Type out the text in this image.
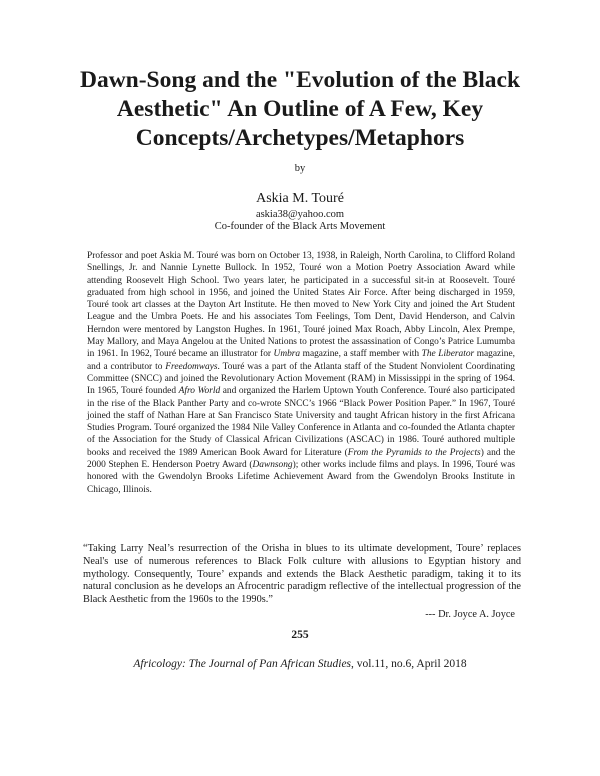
Dawn-Song and the "Evolution of the Black Aesthetic" An Outline of A Few, Key Concepts/Archetypes/Metaphors
by
Askia M. Touré
askia38@yahoo.com
Co-founder of the Black Arts Movement
Professor and poet Askia M. Touré was born on October 13, 1938, in Raleigh, North Carolina, to Clifford Roland Snellings, Jr. and Nannie Lynette Bullock. In 1952, Touré won a Motion Poetry Association Award while attending Roosevelt High School. Two years later, he participated in a successful sit-in at Roosevelt. Touré graduated from high school in 1956, and joined the United States Air Force. After being discharged in 1959, Touré took art classes at the Dayton Art Institute. He then moved to New York City and joined the Art Student League and the Umbra Poets. He and his associates Tom Feelings, Tom Dent, David Henderson, and Calvin Herndon were mentored by Langston Hughes. In 1961, Touré joined Max Roach, Abby Lincoln, Alex Prempe, May Mallory, and Maya Angelou at the United Nations to protest the assassination of Congo’s Patrice Lumumba in 1961. In 1962, Touré became an illustrator for Umbra magazine, a staff member with The Liberator magazine, and a contributor to Freedomways. Touré was a part of the Atlanta staff of the Student Nonviolent Coordinating Committee (SNCC) and joined the Revolutionary Action Movement (RAM) in Mississippi in the spring of 1964. In 1965, Touré founded Afro World and organized the Harlem Uptown Youth Conference. Touré also participated in the rise of the Black Panther Party and co-wrote SNCC’s 1966 “Black Power Position Paper.” In 1967, Touré joined the staff of Nathan Hare at San Francisco State University and taught African history in the first Africana Studies Program. Touré organized the 1984 Nile Valley Conference in Atlanta and co-founded the Atlanta chapter of the Association for the Study of Classical African Civilizations (ASCAC) in 1986. Touré authored multiple books and received the 1989 American Book Award for Literature (From the Pyramids to the Projects) and the 2000 Stephen E. Henderson Poetry Award (Dawnsong); other works include films and plays. In 1996, Touré was honored with the Gwendolyn Brooks Lifetime Achievement Award from the Gwendolyn Brooks Institute in Chicago, Illinois.
“Taking Larry Neal’s resurrection of the Orisha in blues to its ultimate development, Toure’ replaces Neal's use of numerous references to Black Folk culture with allusions to Egyptian history and mythology. Consequently, Toure’ expands and extends the Black Aesthetic paradigm, taking it to its natural conclusion as he develops an Afrocentric paradigm reflective of the intellectual progression of the Black Aesthetic from the 1960s to the 1990s.”
--- Dr. Joyce A. Joyce
255
Africology: The Journal of Pan African Studies, vol.11, no.6, April 2018
